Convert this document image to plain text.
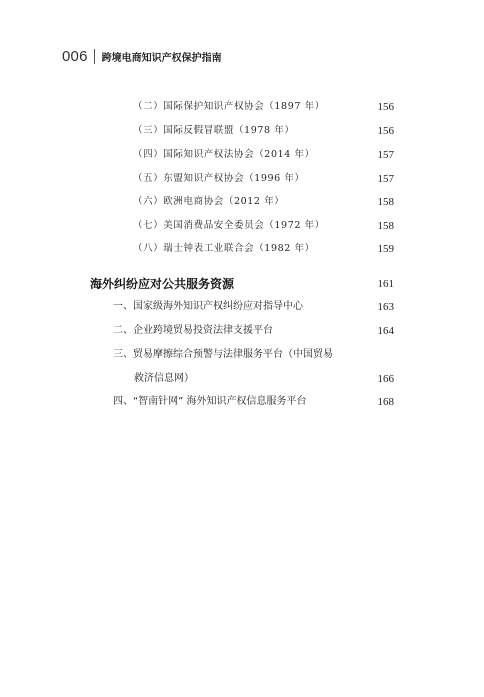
006 跨境电商知识产权保护指南
（二）国际保护知识产权协会（1897 年）	156
（三）国际反假冒联盟（1978 年）	156
（四）国际知识产权法协会（2014 年）	157
（五）东盟知识产权协会（1996 年）	157
（六）欧洲电商协会（2012 年）	158
（七）美国消费品安全委员会（1972 年）	158
（八）瑞士钟表工业联合会（1982 年）	159
海外纠纷应对公共服务资源	161
一、国家级海外知识产权纠纷应对指导中心	163
二、企业跨境贸易投资法律支援平台	164
三、贸易摩擦综合预警与法律服务平台（中国贸易
救济信息网）	166
四、“智南针网” 海外知识产权信息服务平台	168
